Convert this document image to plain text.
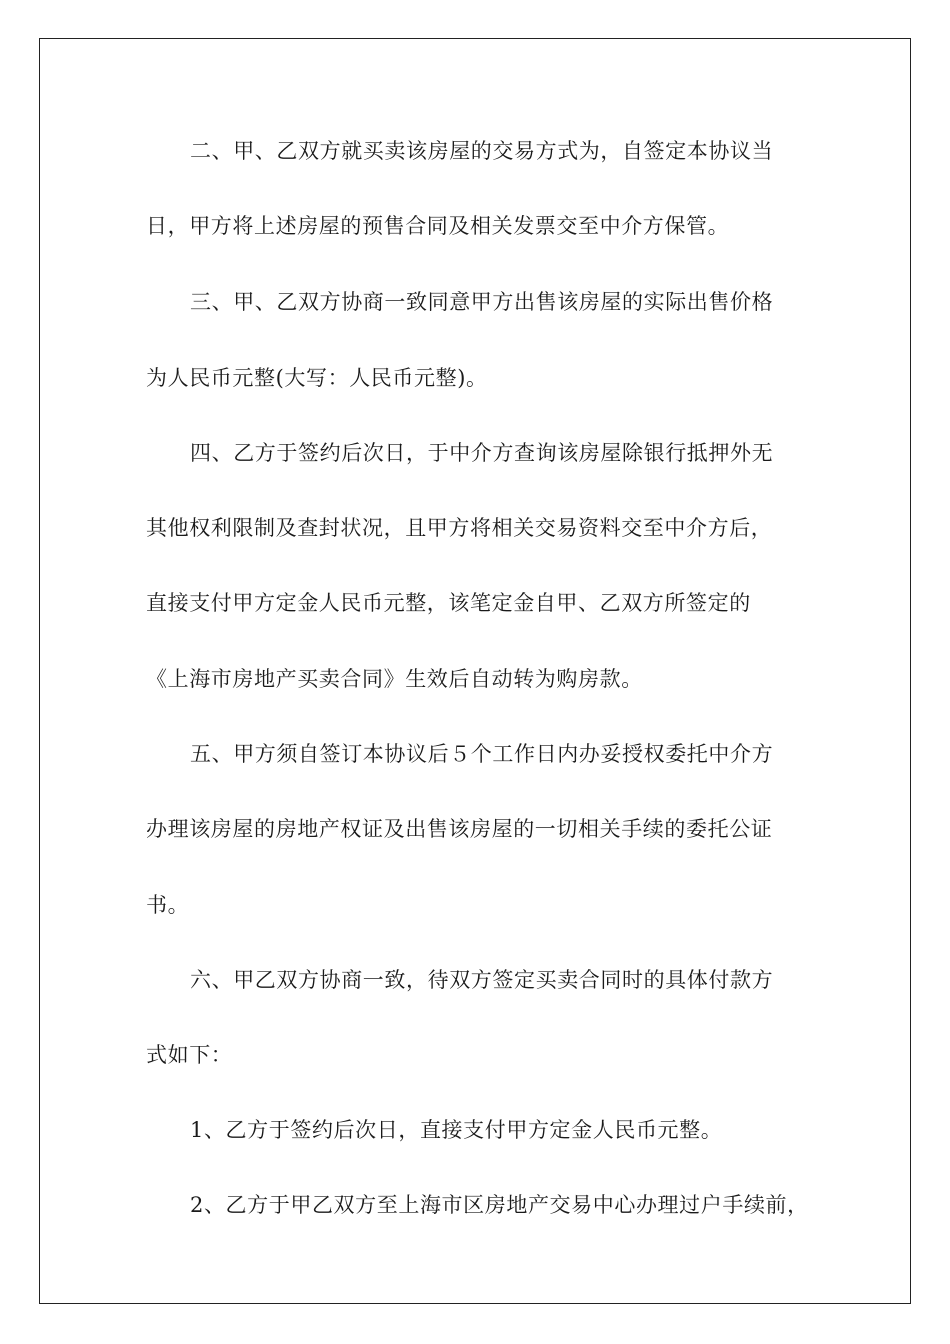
二、甲、乙双方就买卖该房屋的交易方式为，自签定本协议当
日，甲方将上述房屋的预售合同及相关发票交至中介方保管。
三、甲、乙双方协商一致同意甲方出售该房屋的实际出售价格
为人民币元整(大写：人民币元整)。
四、乙方于签约后次日，于中介方查询该房屋除银行抵押外无
其他权利限制及查封状况，且甲方将相关交易资料交至中介方后，
直接支付甲方定金人民币元整，该笔定金自甲、乙双方所签定的
《上海市房地产买卖合同》生效后自动转为购房款。
五、甲方须自签订本协议后５个工作日内办妥授权委托中介方
办理该房屋的房地产权证及出售该房屋的一切相关手续的委托公证
书。
六、甲乙双方协商一致，待双方签定买卖合同时的具体付款方
式如下：
1、乙方于签约后次日，直接支付甲方定金人民币元整。
2、乙方于甲乙双方至上海市区房地产交易中心办理过户手续前，
